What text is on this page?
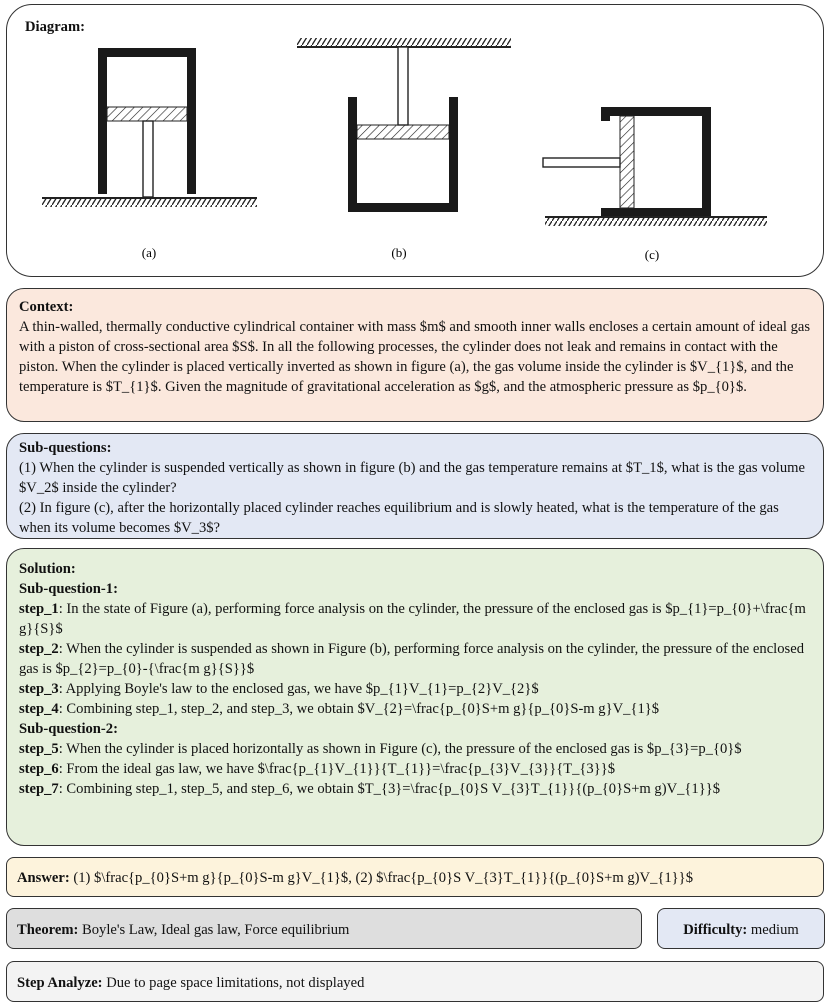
Diagram:
(a)	(b)	(c)
Context:
A thin-walled, thermally conductive cylindrical container with mass $m$ and smooth inner walls encloses a certain amount of ideal gas with a piston of cross-sectional area $S$. In all the following processes, the cylinder does not leak and remains in contact with the piston. When the cylinder is placed vertically inverted as shown in figure (a), the gas volume inside the cylinder is $V_{1}$, and the temperature is $T_{1}$. Given the magnitude of gravitational acceleration as $g$, and the atmospheric pressure as $p_{0}$.
Sub-questions:
(1) When the cylinder is suspended vertically as shown in figure (b) and the gas temperature remains at $T_1$, what is the gas volume $V_2$ inside the cylinder?
(2) In figure (c), after the horizontally placed cylinder reaches equilibrium and is slowly heated, what is the temperature of the gas when its volume becomes $V_3$?
Solution:
Sub-question-1:
step_1: In the state of Figure (a), performing force analysis on the cylinder, the pressure of the enclosed gas is $p_{1}=p_{0}+\frac{m g}{S}$
step_2: When the cylinder is suspended as shown in Figure (b), performing force analysis on the cylinder, the pressure of the enclosed gas is $p_{2}=p_{0}-{\frac{m g}{S}}$
step_3: Applying Boyle's law to the enclosed gas, we have $p_{1}V_{1}=p_{2}V_{2}$
step_4: Combining step_1, step_2, and step_3, we obtain $V_{2}=\frac{p_{0}S+m g}{p_{0}S-m g}V_{1}$
Sub-question-2:
step_5: When the cylinder is placed horizontally as shown in Figure (c), the pressure of the enclosed gas is $p_{3}=p_{0}$
step_6: From the ideal gas law, we have $\frac{p_{1}V_{1}}{T_{1}}=\frac{p_{3}V_{3}}{T_{3}}$
step_7: Combining step_1, step_5, and step_6, we obtain $T_{3}=\frac{p_{0}S V_{3}T_{1}}{(p_{0}S+m g)V_{1}}$
Answer: (1) $\frac{p_{0}S+m g}{p_{0}S-m g}V_{1}$, (2) $\frac{p_{0}S V_{3}T_{1}}{(p_{0}S+m g)V_{1}}$
Theorem: Boyle's Law, Ideal gas law, Force equilibrium	Difficulty: medium
Step Analyze: Due to page space limitations, not displayed
